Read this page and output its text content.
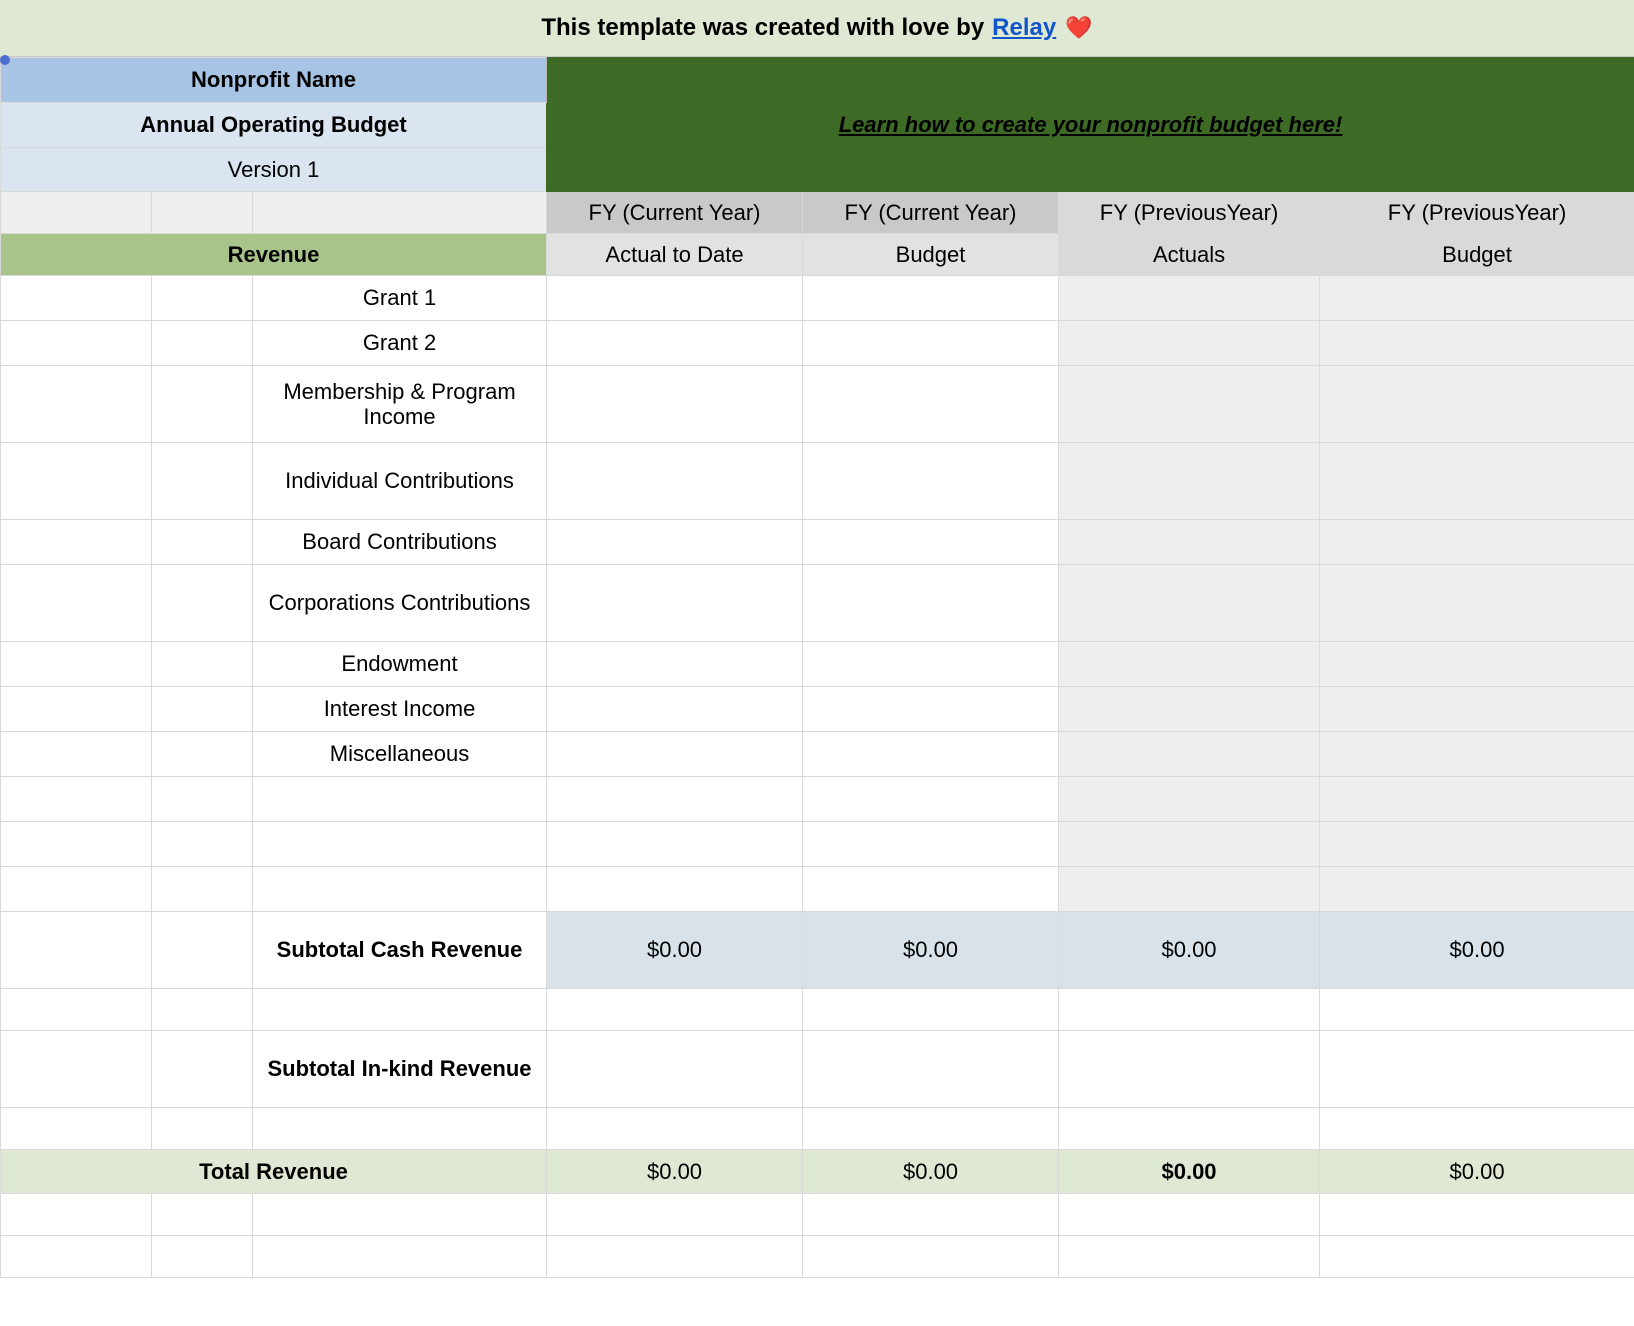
This template was created with love by Relay ❤️
Nonprofit Name			Learn how to create your nonprofit budget here!			
Annual Operating Budget						
Version 1						
			FY (Current Year)	FY (Current Year)	FY (PreviousYear)	FY (PreviousYear)
Revenue			Actual to Date	Budget	Actuals	Budget
		Grant 1				
		Grant 2				
		Membership & Program Income				
		Individual Contributions				
		Board Contributions				
		Corporations Contributions				
		Endowment				
		Interest Income				
		Miscellaneous				

		Subtotal Cash Revenue	$0.00	$0.00	$0.00	$0.00

		Subtotal In-kind Revenue				

Total Revenue			$0.00	$0.00	$0.00	$0.00
